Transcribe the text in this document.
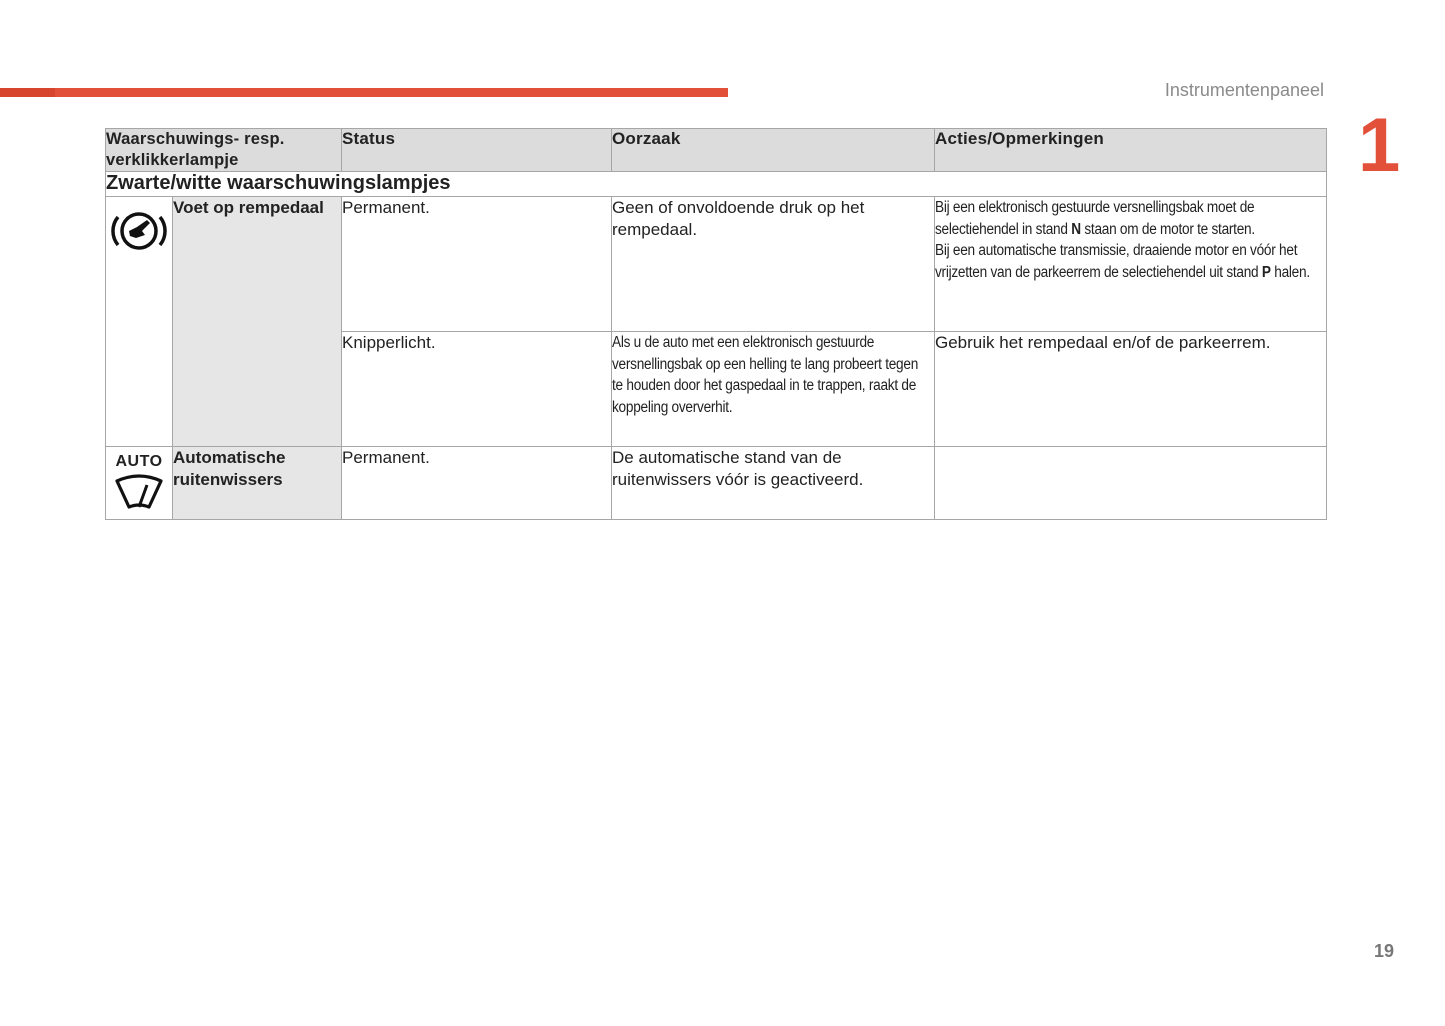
Instrumentenpaneel
1
Waarschuwings- resp. verklikkerlampje		Status	Oorzaak	Acties/Opmerkingen
Zwarte/witte waarschuwingslampjes				
	Voet op rempedaal	Permanent.	Geen of onvoldoende druk op het rempedaal.	Bij een elektronisch gestuurde versnellingsbak moet de selectiehendel in stand N staan om de motor te starten.
Bij een automatische transmissie, draaiende motor en vóór het vrijzetten van de parkeerrem de selectiehendel uit stand P halen.
		Knipperlicht.	Als u de auto met een elektronisch gestuurde versnellingsbak op een helling te lang probeert tegen te houden door het gaspedaal in te trappen, raakt de koppeling oververhit.	Gebruik het rempedaal en/of de parkeerrem.

AUTO	Automatische ruitenwissers	Permanent.	De automatische stand van de ruitenwissers vóór is geactiveerd.	
19
